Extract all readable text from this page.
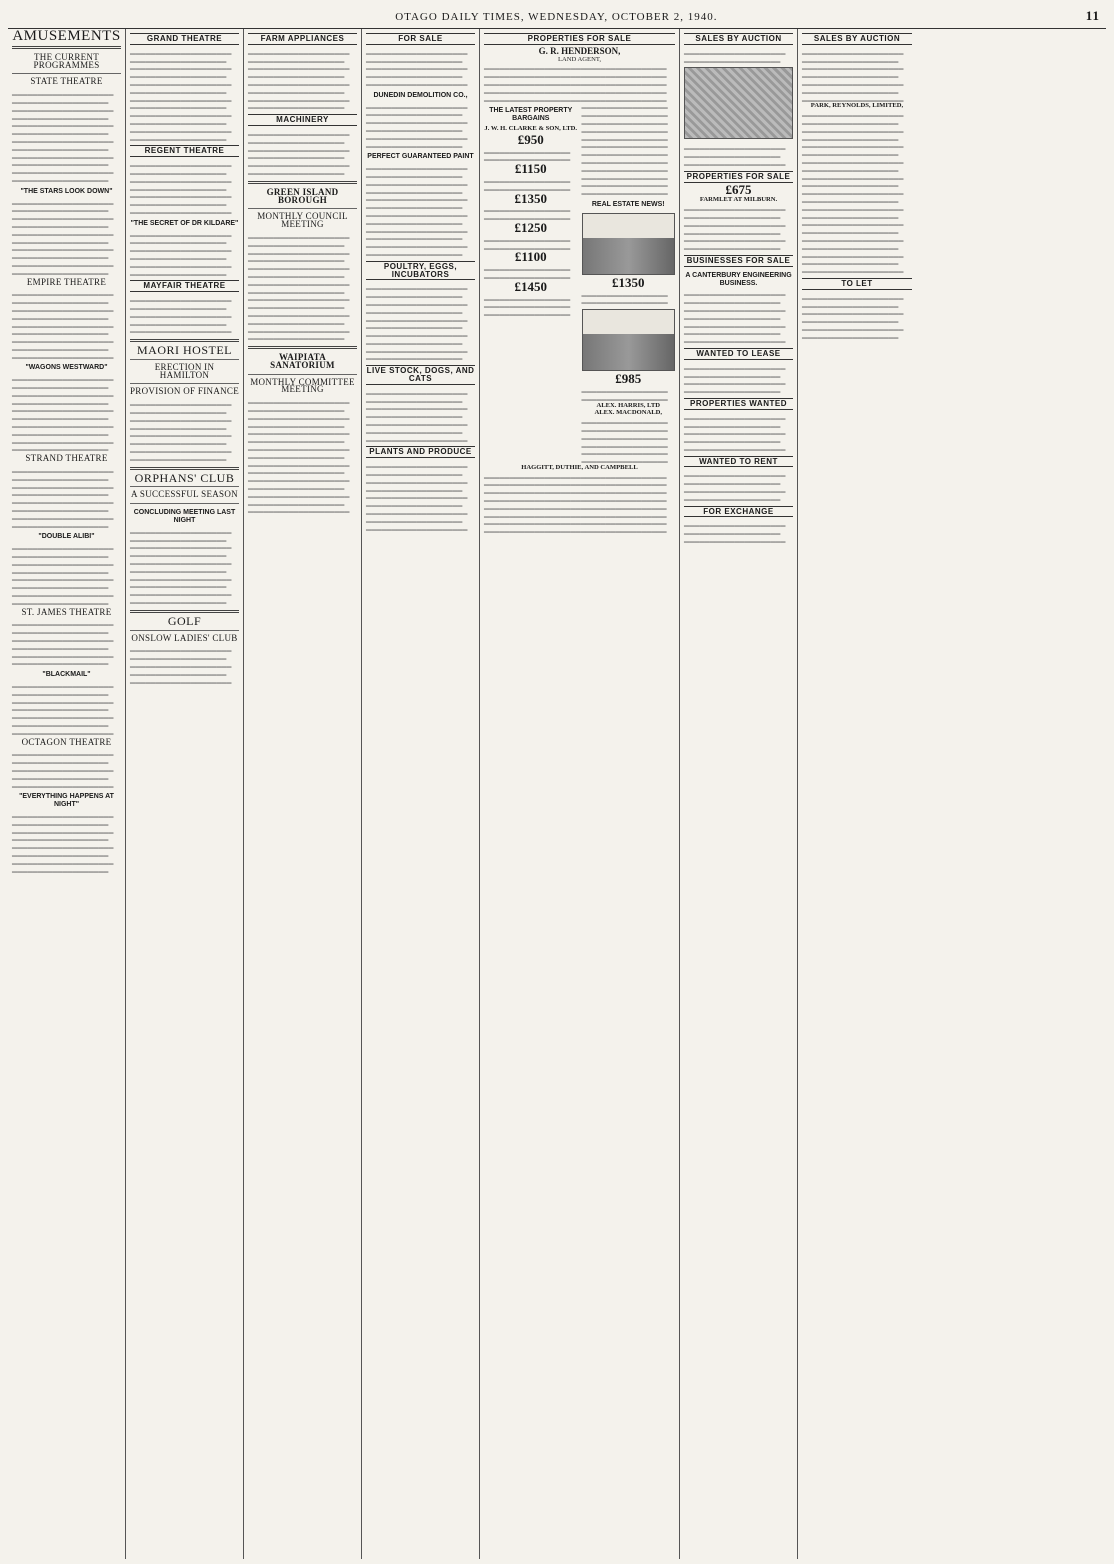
OTAGO DAILY TIMES, WEDNESDAY, OCTOBER 2, 1940.	11
AMUSEMENTS
THE CURRENT PROGRAMMES
STATE THEATRE
▁▁▁▁▁▁▁▁▁▁▁▁▁▁▁▁▁▁▁▁ ▁▁▁▁▁▁▁▁▁▁▁▁▁▁▁▁▁▁▁ ▁▁▁▁▁▁▁▁▁▁▁▁▁▁▁▁▁▁▁▁ ▁▁▁▁▁▁▁▁▁▁▁▁▁▁▁▁▁▁▁ ▁▁▁▁▁▁▁▁▁▁▁▁▁▁▁▁▁▁▁▁ ▁▁▁▁▁▁▁▁▁▁▁▁▁▁▁▁▁▁▁ ▁▁▁▁▁▁▁▁▁▁▁▁▁▁▁▁▁▁▁▁ ▁▁▁▁▁▁▁▁▁▁▁▁▁▁▁▁▁▁▁ ▁▁▁▁▁▁▁▁▁▁▁▁▁▁▁▁▁▁▁▁ ▁▁▁▁▁▁▁▁▁▁▁▁▁▁▁▁▁▁▁ ▁▁▁▁▁▁▁▁▁▁▁▁▁▁▁▁▁▁▁▁ ▁▁▁▁▁▁▁▁▁▁▁▁▁▁▁▁▁▁▁
"THE STARS LOOK DOWN"
▁▁▁▁▁▁▁▁▁▁▁▁▁▁▁▁▁▁▁▁ ▁▁▁▁▁▁▁▁▁▁▁▁▁▁▁▁▁▁▁ ▁▁▁▁▁▁▁▁▁▁▁▁▁▁▁▁▁▁▁▁ ▁▁▁▁▁▁▁▁▁▁▁▁▁▁▁▁▁▁▁ ▁▁▁▁▁▁▁▁▁▁▁▁▁▁▁▁▁▁▁▁ ▁▁▁▁▁▁▁▁▁▁▁▁▁▁▁▁▁▁▁ ▁▁▁▁▁▁▁▁▁▁▁▁▁▁▁▁▁▁▁▁ ▁▁▁▁▁▁▁▁▁▁▁▁▁▁▁▁▁▁▁ ▁▁▁▁▁▁▁▁▁▁▁▁▁▁▁▁▁▁▁▁ ▁▁▁▁▁▁▁▁▁▁▁▁▁▁▁▁▁▁▁
EMPIRE THEATRE
▁▁▁▁▁▁▁▁▁▁▁▁▁▁▁▁▁▁▁▁ ▁▁▁▁▁▁▁▁▁▁▁▁▁▁▁▁▁▁▁ ▁▁▁▁▁▁▁▁▁▁▁▁▁▁▁▁▁▁▁▁ ▁▁▁▁▁▁▁▁▁▁▁▁▁▁▁▁▁▁▁ ▁▁▁▁▁▁▁▁▁▁▁▁▁▁▁▁▁▁▁▁ ▁▁▁▁▁▁▁▁▁▁▁▁▁▁▁▁▁▁▁ ▁▁▁▁▁▁▁▁▁▁▁▁▁▁▁▁▁▁▁▁ ▁▁▁▁▁▁▁▁▁▁▁▁▁▁▁▁▁▁▁ ▁▁▁▁▁▁▁▁▁▁▁▁▁▁▁▁▁▁▁▁
"WAGONS WESTWARD"
▁▁▁▁▁▁▁▁▁▁▁▁▁▁▁▁▁▁▁▁ ▁▁▁▁▁▁▁▁▁▁▁▁▁▁▁▁▁▁▁ ▁▁▁▁▁▁▁▁▁▁▁▁▁▁▁▁▁▁▁▁ ▁▁▁▁▁▁▁▁▁▁▁▁▁▁▁▁▁▁▁ ▁▁▁▁▁▁▁▁▁▁▁▁▁▁▁▁▁▁▁▁ ▁▁▁▁▁▁▁▁▁▁▁▁▁▁▁▁▁▁▁ ▁▁▁▁▁▁▁▁▁▁▁▁▁▁▁▁▁▁▁▁ ▁▁▁▁▁▁▁▁▁▁▁▁▁▁▁▁▁▁▁ ▁▁▁▁▁▁▁▁▁▁▁▁▁▁▁▁▁▁▁▁ ▁▁▁▁▁▁▁▁▁▁▁▁▁▁▁▁▁▁▁
STRAND THEATRE
▁▁▁▁▁▁▁▁▁▁▁▁▁▁▁▁▁▁▁▁ ▁▁▁▁▁▁▁▁▁▁▁▁▁▁▁▁▁▁▁ ▁▁▁▁▁▁▁▁▁▁▁▁▁▁▁▁▁▁▁▁ ▁▁▁▁▁▁▁▁▁▁▁▁▁▁▁▁▁▁▁ ▁▁▁▁▁▁▁▁▁▁▁▁▁▁▁▁▁▁▁▁ ▁▁▁▁▁▁▁▁▁▁▁▁▁▁▁▁▁▁▁ ▁▁▁▁▁▁▁▁▁▁▁▁▁▁▁▁▁▁▁▁ ▁▁▁▁▁▁▁▁▁▁▁▁▁▁▁▁▁▁▁
"DOUBLE ALIBI"
▁▁▁▁▁▁▁▁▁▁▁▁▁▁▁▁▁▁▁▁ ▁▁▁▁▁▁▁▁▁▁▁▁▁▁▁▁▁▁▁ ▁▁▁▁▁▁▁▁▁▁▁▁▁▁▁▁▁▁▁▁ ▁▁▁▁▁▁▁▁▁▁▁▁▁▁▁▁▁▁▁ ▁▁▁▁▁▁▁▁▁▁▁▁▁▁▁▁▁▁▁▁ ▁▁▁▁▁▁▁▁▁▁▁▁▁▁▁▁▁▁▁ ▁▁▁▁▁▁▁▁▁▁▁▁▁▁▁▁▁▁▁▁ ▁▁▁▁▁▁▁▁▁▁▁▁▁▁▁▁▁▁▁
ST. JAMES THEATRE
▁▁▁▁▁▁▁▁▁▁▁▁▁▁▁▁▁▁▁▁ ▁▁▁▁▁▁▁▁▁▁▁▁▁▁▁▁▁▁▁ ▁▁▁▁▁▁▁▁▁▁▁▁▁▁▁▁▁▁▁▁ ▁▁▁▁▁▁▁▁▁▁▁▁▁▁▁▁▁▁▁ ▁▁▁▁▁▁▁▁▁▁▁▁▁▁▁▁▁▁▁▁ ▁▁▁▁▁▁▁▁▁▁▁▁▁▁▁▁▁▁▁
"BLACKMAIL"
▁▁▁▁▁▁▁▁▁▁▁▁▁▁▁▁▁▁▁▁ ▁▁▁▁▁▁▁▁▁▁▁▁▁▁▁▁▁▁▁ ▁▁▁▁▁▁▁▁▁▁▁▁▁▁▁▁▁▁▁▁ ▁▁▁▁▁▁▁▁▁▁▁▁▁▁▁▁▁▁▁ ▁▁▁▁▁▁▁▁▁▁▁▁▁▁▁▁▁▁▁▁ ▁▁▁▁▁▁▁▁▁▁▁▁▁▁▁▁▁▁▁ ▁▁▁▁▁▁▁▁▁▁▁▁▁▁▁▁▁▁▁▁
OCTAGON THEATRE
▁▁▁▁▁▁▁▁▁▁▁▁▁▁▁▁▁▁▁▁ ▁▁▁▁▁▁▁▁▁▁▁▁▁▁▁▁▁▁▁ ▁▁▁▁▁▁▁▁▁▁▁▁▁▁▁▁▁▁▁▁ ▁▁▁▁▁▁▁▁▁▁▁▁▁▁▁▁▁▁▁ ▁▁▁▁▁▁▁▁▁▁▁▁▁▁▁▁▁▁▁▁
"EVERYTHING HAPPENS AT NIGHT"
▁▁▁▁▁▁▁▁▁▁▁▁▁▁▁▁▁▁▁▁ ▁▁▁▁▁▁▁▁▁▁▁▁▁▁▁▁▁▁▁ ▁▁▁▁▁▁▁▁▁▁▁▁▁▁▁▁▁▁▁▁ ▁▁▁▁▁▁▁▁▁▁▁▁▁▁▁▁▁▁▁ ▁▁▁▁▁▁▁▁▁▁▁▁▁▁▁▁▁▁▁▁ ▁▁▁▁▁▁▁▁▁▁▁▁▁▁▁▁▁▁▁ ▁▁▁▁▁▁▁▁▁▁▁▁▁▁▁▁▁▁▁▁ ▁▁▁▁▁▁▁▁▁▁▁▁▁▁▁▁▁▁▁
GRAND THEATRE
▁▁▁▁▁▁▁▁▁▁▁▁▁▁▁▁▁▁▁▁ ▁▁▁▁▁▁▁▁▁▁▁▁▁▁▁▁▁▁▁ ▁▁▁▁▁▁▁▁▁▁▁▁▁▁▁▁▁▁▁▁ ▁▁▁▁▁▁▁▁▁▁▁▁▁▁▁▁▁▁▁ ▁▁▁▁▁▁▁▁▁▁▁▁▁▁▁▁▁▁▁▁ ▁▁▁▁▁▁▁▁▁▁▁▁▁▁▁▁▁▁▁ ▁▁▁▁▁▁▁▁▁▁▁▁▁▁▁▁▁▁▁▁ ▁▁▁▁▁▁▁▁▁▁▁▁▁▁▁▁▁▁▁ ▁▁▁▁▁▁▁▁▁▁▁▁▁▁▁▁▁▁▁▁ ▁▁▁▁▁▁▁▁▁▁▁▁▁▁▁▁▁▁▁ ▁▁▁▁▁▁▁▁▁▁▁▁▁▁▁▁▁▁▁▁ ▁▁▁▁▁▁▁▁▁▁▁▁▁▁▁▁▁▁▁
REGENT THEATRE
▁▁▁▁▁▁▁▁▁▁▁▁▁▁▁▁▁▁▁▁ ▁▁▁▁▁▁▁▁▁▁▁▁▁▁▁▁▁▁▁ ▁▁▁▁▁▁▁▁▁▁▁▁▁▁▁▁▁▁▁▁ ▁▁▁▁▁▁▁▁▁▁▁▁▁▁▁▁▁▁▁ ▁▁▁▁▁▁▁▁▁▁▁▁▁▁▁▁▁▁▁▁ ▁▁▁▁▁▁▁▁▁▁▁▁▁▁▁▁▁▁▁ ▁▁▁▁▁▁▁▁▁▁▁▁▁▁▁▁▁▁▁▁
"THE SECRET OF DR KILDARE"
▁▁▁▁▁▁▁▁▁▁▁▁▁▁▁▁▁▁▁▁ ▁▁▁▁▁▁▁▁▁▁▁▁▁▁▁▁▁▁▁ ▁▁▁▁▁▁▁▁▁▁▁▁▁▁▁▁▁▁▁▁ ▁▁▁▁▁▁▁▁▁▁▁▁▁▁▁▁▁▁▁ ▁▁▁▁▁▁▁▁▁▁▁▁▁▁▁▁▁▁▁▁ ▁▁▁▁▁▁▁▁▁▁▁▁▁▁▁▁▁▁▁
MAYFAIR THEATRE
▁▁▁▁▁▁▁▁▁▁▁▁▁▁▁▁▁▁▁▁ ▁▁▁▁▁▁▁▁▁▁▁▁▁▁▁▁▁▁▁ ▁▁▁▁▁▁▁▁▁▁▁▁▁▁▁▁▁▁▁▁ ▁▁▁▁▁▁▁▁▁▁▁▁▁▁▁▁▁▁▁ ▁▁▁▁▁▁▁▁▁▁▁▁▁▁▁▁▁▁▁▁
MAORI HOSTEL
ERECTION IN HAMILTON
PROVISION OF FINANCE
▁▁▁▁▁▁▁▁▁▁▁▁▁▁▁▁▁▁▁▁ ▁▁▁▁▁▁▁▁▁▁▁▁▁▁▁▁▁▁▁ ▁▁▁▁▁▁▁▁▁▁▁▁▁▁▁▁▁▁▁▁ ▁▁▁▁▁▁▁▁▁▁▁▁▁▁▁▁▁▁▁ ▁▁▁▁▁▁▁▁▁▁▁▁▁▁▁▁▁▁▁▁ ▁▁▁▁▁▁▁▁▁▁▁▁▁▁▁▁▁▁▁ ▁▁▁▁▁▁▁▁▁▁▁▁▁▁▁▁▁▁▁▁ ▁▁▁▁▁▁▁▁▁▁▁▁▁▁▁▁▁▁▁
ORPHANS' CLUB
A SUCCESSFUL SEASON
CONCLUDING MEETING LAST NIGHT
▁▁▁▁▁▁▁▁▁▁▁▁▁▁▁▁▁▁▁▁ ▁▁▁▁▁▁▁▁▁▁▁▁▁▁▁▁▁▁▁ ▁▁▁▁▁▁▁▁▁▁▁▁▁▁▁▁▁▁▁▁ ▁▁▁▁▁▁▁▁▁▁▁▁▁▁▁▁▁▁▁ ▁▁▁▁▁▁▁▁▁▁▁▁▁▁▁▁▁▁▁▁ ▁▁▁▁▁▁▁▁▁▁▁▁▁▁▁▁▁▁▁ ▁▁▁▁▁▁▁▁▁▁▁▁▁▁▁▁▁▁▁▁ ▁▁▁▁▁▁▁▁▁▁▁▁▁▁▁▁▁▁▁ ▁▁▁▁▁▁▁▁▁▁▁▁▁▁▁▁▁▁▁▁ ▁▁▁▁▁▁▁▁▁▁▁▁▁▁▁▁▁▁▁
GOLF
ONSLOW LADIES' CLUB
▁▁▁▁▁▁▁▁▁▁▁▁▁▁▁▁▁▁▁▁ ▁▁▁▁▁▁▁▁▁▁▁▁▁▁▁▁▁▁▁ ▁▁▁▁▁▁▁▁▁▁▁▁▁▁▁▁▁▁▁▁ ▁▁▁▁▁▁▁▁▁▁▁▁▁▁▁▁▁▁▁ ▁▁▁▁▁▁▁▁▁▁▁▁▁▁▁▁▁▁▁▁
FARM APPLIANCES
▁▁▁▁▁▁▁▁▁▁▁▁▁▁▁▁▁▁▁▁ ▁▁▁▁▁▁▁▁▁▁▁▁▁▁▁▁▁▁▁ ▁▁▁▁▁▁▁▁▁▁▁▁▁▁▁▁▁▁▁▁ ▁▁▁▁▁▁▁▁▁▁▁▁▁▁▁▁▁▁▁ ▁▁▁▁▁▁▁▁▁▁▁▁▁▁▁▁▁▁▁▁ ▁▁▁▁▁▁▁▁▁▁▁▁▁▁▁▁▁▁▁ ▁▁▁▁▁▁▁▁▁▁▁▁▁▁▁▁▁▁▁▁ ▁▁▁▁▁▁▁▁▁▁▁▁▁▁▁▁▁▁▁
MACHINERY
▁▁▁▁▁▁▁▁▁▁▁▁▁▁▁▁▁▁▁▁ ▁▁▁▁▁▁▁▁▁▁▁▁▁▁▁▁▁▁▁ ▁▁▁▁▁▁▁▁▁▁▁▁▁▁▁▁▁▁▁▁ ▁▁▁▁▁▁▁▁▁▁▁▁▁▁▁▁▁▁▁ ▁▁▁▁▁▁▁▁▁▁▁▁▁▁▁▁▁▁▁▁ ▁▁▁▁▁▁▁▁▁▁▁▁▁▁▁▁▁▁▁
GREEN ISLAND BOROUGH
MONTHLY COUNCIL MEETING
▁▁▁▁▁▁▁▁▁▁▁▁▁▁▁▁▁▁▁▁ ▁▁▁▁▁▁▁▁▁▁▁▁▁▁▁▁▁▁▁ ▁▁▁▁▁▁▁▁▁▁▁▁▁▁▁▁▁▁▁▁ ▁▁▁▁▁▁▁▁▁▁▁▁▁▁▁▁▁▁▁ ▁▁▁▁▁▁▁▁▁▁▁▁▁▁▁▁▁▁▁▁ ▁▁▁▁▁▁▁▁▁▁▁▁▁▁▁▁▁▁▁ ▁▁▁▁▁▁▁▁▁▁▁▁▁▁▁▁▁▁▁▁ ▁▁▁▁▁▁▁▁▁▁▁▁▁▁▁▁▁▁▁ ▁▁▁▁▁▁▁▁▁▁▁▁▁▁▁▁▁▁▁▁ ▁▁▁▁▁▁▁▁▁▁▁▁▁▁▁▁▁▁▁ ▁▁▁▁▁▁▁▁▁▁▁▁▁▁▁▁▁▁▁▁ ▁▁▁▁▁▁▁▁▁▁▁▁▁▁▁▁▁▁▁ ▁▁▁▁▁▁▁▁▁▁▁▁▁▁▁▁▁▁▁▁ ▁▁▁▁▁▁▁▁▁▁▁▁▁▁▁▁▁▁▁
WAIPIATA SANATORIUM
MONTHLY COMMITTEE MEETING
▁▁▁▁▁▁▁▁▁▁▁▁▁▁▁▁▁▁▁▁ ▁▁▁▁▁▁▁▁▁▁▁▁▁▁▁▁▁▁▁ ▁▁▁▁▁▁▁▁▁▁▁▁▁▁▁▁▁▁▁▁ ▁▁▁▁▁▁▁▁▁▁▁▁▁▁▁▁▁▁▁ ▁▁▁▁▁▁▁▁▁▁▁▁▁▁▁▁▁▁▁▁ ▁▁▁▁▁▁▁▁▁▁▁▁▁▁▁▁▁▁▁ ▁▁▁▁▁▁▁▁▁▁▁▁▁▁▁▁▁▁▁▁ ▁▁▁▁▁▁▁▁▁▁▁▁▁▁▁▁▁▁▁ ▁▁▁▁▁▁▁▁▁▁▁▁▁▁▁▁▁▁▁▁ ▁▁▁▁▁▁▁▁▁▁▁▁▁▁▁▁▁▁▁ ▁▁▁▁▁▁▁▁▁▁▁▁▁▁▁▁▁▁▁▁ ▁▁▁▁▁▁▁▁▁▁▁▁▁▁▁▁▁▁▁ ▁▁▁▁▁▁▁▁▁▁▁▁▁▁▁▁▁▁▁▁ ▁▁▁▁▁▁▁▁▁▁▁▁▁▁▁▁▁▁▁ ▁▁▁▁▁▁▁▁▁▁▁▁▁▁▁▁▁▁▁▁
FOR SALE
▁▁▁▁▁▁▁▁▁▁▁▁▁▁▁▁▁▁▁▁ ▁▁▁▁▁▁▁▁▁▁▁▁▁▁▁▁▁▁▁ ▁▁▁▁▁▁▁▁▁▁▁▁▁▁▁▁▁▁▁▁ ▁▁▁▁▁▁▁▁▁▁▁▁▁▁▁▁▁▁▁ ▁▁▁▁▁▁▁▁▁▁▁▁▁▁▁▁▁▁▁▁
DUNEDIN DEMOLITION CO.,
▁▁▁▁▁▁▁▁▁▁▁▁▁▁▁▁▁▁▁▁ ▁▁▁▁▁▁▁▁▁▁▁▁▁▁▁▁▁▁▁ ▁▁▁▁▁▁▁▁▁▁▁▁▁▁▁▁▁▁▁▁ ▁▁▁▁▁▁▁▁▁▁▁▁▁▁▁▁▁▁▁ ▁▁▁▁▁▁▁▁▁▁▁▁▁▁▁▁▁▁▁▁ ▁▁▁▁▁▁▁▁▁▁▁▁▁▁▁▁▁▁▁
PERFECT GUARANTEED PAINT
▁▁▁▁▁▁▁▁▁▁▁▁▁▁▁▁▁▁▁▁ ▁▁▁▁▁▁▁▁▁▁▁▁▁▁▁▁▁▁▁ ▁▁▁▁▁▁▁▁▁▁▁▁▁▁▁▁▁▁▁▁ ▁▁▁▁▁▁▁▁▁▁▁▁▁▁▁▁▁▁▁ ▁▁▁▁▁▁▁▁▁▁▁▁▁▁▁▁▁▁▁▁ ▁▁▁▁▁▁▁▁▁▁▁▁▁▁▁▁▁▁▁ ▁▁▁▁▁▁▁▁▁▁▁▁▁▁▁▁▁▁▁▁ ▁▁▁▁▁▁▁▁▁▁▁▁▁▁▁▁▁▁▁ ▁▁▁▁▁▁▁▁▁▁▁▁▁▁▁▁▁▁▁▁ ▁▁▁▁▁▁▁▁▁▁▁▁▁▁▁▁▁▁▁ ▁▁▁▁▁▁▁▁▁▁▁▁▁▁▁▁▁▁▁▁ ▁▁▁▁▁▁▁▁▁▁▁▁▁▁▁▁▁▁▁
POULTRY, EGGS, INCUBATORS
▁▁▁▁▁▁▁▁▁▁▁▁▁▁▁▁▁▁▁▁ ▁▁▁▁▁▁▁▁▁▁▁▁▁▁▁▁▁▁▁ ▁▁▁▁▁▁▁▁▁▁▁▁▁▁▁▁▁▁▁▁ ▁▁▁▁▁▁▁▁▁▁▁▁▁▁▁▁▁▁▁ ▁▁▁▁▁▁▁▁▁▁▁▁▁▁▁▁▁▁▁▁ ▁▁▁▁▁▁▁▁▁▁▁▁▁▁▁▁▁▁▁ ▁▁▁▁▁▁▁▁▁▁▁▁▁▁▁▁▁▁▁▁ ▁▁▁▁▁▁▁▁▁▁▁▁▁▁▁▁▁▁▁ ▁▁▁▁▁▁▁▁▁▁▁▁▁▁▁▁▁▁▁▁ ▁▁▁▁▁▁▁▁▁▁▁▁▁▁▁▁▁▁▁
LIVE STOCK, DOGS, AND CATS
▁▁▁▁▁▁▁▁▁▁▁▁▁▁▁▁▁▁▁▁ ▁▁▁▁▁▁▁▁▁▁▁▁▁▁▁▁▁▁▁ ▁▁▁▁▁▁▁▁▁▁▁▁▁▁▁▁▁▁▁▁ ▁▁▁▁▁▁▁▁▁▁▁▁▁▁▁▁▁▁▁ ▁▁▁▁▁▁▁▁▁▁▁▁▁▁▁▁▁▁▁▁ ▁▁▁▁▁▁▁▁▁▁▁▁▁▁▁▁▁▁▁ ▁▁▁▁▁▁▁▁▁▁▁▁▁▁▁▁▁▁▁▁
PLANTS AND PRODUCE
▁▁▁▁▁▁▁▁▁▁▁▁▁▁▁▁▁▁▁▁ ▁▁▁▁▁▁▁▁▁▁▁▁▁▁▁▁▁▁▁ ▁▁▁▁▁▁▁▁▁▁▁▁▁▁▁▁▁▁▁▁ ▁▁▁▁▁▁▁▁▁▁▁▁▁▁▁▁▁▁▁ ▁▁▁▁▁▁▁▁▁▁▁▁▁▁▁▁▁▁▁▁ ▁▁▁▁▁▁▁▁▁▁▁▁▁▁▁▁▁▁▁ ▁▁▁▁▁▁▁▁▁▁▁▁▁▁▁▁▁▁▁▁ ▁▁▁▁▁▁▁▁▁▁▁▁▁▁▁▁▁▁▁ ▁▁▁▁▁▁▁▁▁▁▁▁▁▁▁▁▁▁▁▁
PROPERTIES FOR SALE
G. R. HENDERSON,
LAND AGENT,
▁▁▁▁▁▁▁▁▁▁▁▁▁▁▁▁▁▁▁▁▁▁▁▁▁▁▁▁▁▁▁▁▁▁▁▁ ▁▁▁▁▁▁▁▁▁▁▁▁▁▁▁▁▁▁▁▁▁▁▁▁▁▁▁▁▁▁▁▁▁▁▁▁ ▁▁▁▁▁▁▁▁▁▁▁▁▁▁▁▁▁▁▁▁▁▁▁▁▁▁▁▁▁▁▁▁▁▁▁▁ ▁▁▁▁▁▁▁▁▁▁▁▁▁▁▁▁▁▁▁▁▁▁▁▁▁▁▁▁▁▁▁▁▁▁▁▁ ▁▁▁▁▁▁▁▁▁▁▁▁▁▁▁▁▁▁▁▁▁▁▁▁▁▁▁▁▁▁▁▁▁▁▁▁
THE LATEST PROPERTY BARGAINS
J. W. H. CLARKE & SON, LTD.
£950
▁▁▁▁▁▁▁▁▁▁▁▁▁▁▁▁▁ ▁▁▁▁▁▁▁▁▁▁▁▁▁▁▁▁▁
£1150
▁▁▁▁▁▁▁▁▁▁▁▁▁▁▁▁▁ ▁▁▁▁▁▁▁▁▁▁▁▁▁▁▁▁▁
£1350
▁▁▁▁▁▁▁▁▁▁▁▁▁▁▁▁▁ ▁▁▁▁▁▁▁▁▁▁▁▁▁▁▁▁▁
£1250
▁▁▁▁▁▁▁▁▁▁▁▁▁▁▁▁▁ ▁▁▁▁▁▁▁▁▁▁▁▁▁▁▁▁▁
£1100
▁▁▁▁▁▁▁▁▁▁▁▁▁▁▁▁▁ ▁▁▁▁▁▁▁▁▁▁▁▁▁▁▁▁▁
£1450
▁▁▁▁▁▁▁▁▁▁▁▁▁▁▁▁▁ ▁▁▁▁▁▁▁▁▁▁▁▁▁▁▁▁▁ ▁▁▁▁▁▁▁▁▁▁▁▁▁▁▁▁▁
▁▁▁▁▁▁▁▁▁▁▁▁▁▁▁▁▁ ▁▁▁▁▁▁▁▁▁▁▁▁▁▁▁▁▁ ▁▁▁▁▁▁▁▁▁▁▁▁▁▁▁▁▁ ▁▁▁▁▁▁▁▁▁▁▁▁▁▁▁▁▁ ▁▁▁▁▁▁▁▁▁▁▁▁▁▁▁▁▁ ▁▁▁▁▁▁▁▁▁▁▁▁▁▁▁▁▁ ▁▁▁▁▁▁▁▁▁▁▁▁▁▁▁▁▁ ▁▁▁▁▁▁▁▁▁▁▁▁▁▁▁▁▁ ▁▁▁▁▁▁▁▁▁▁▁▁▁▁▁▁▁ ▁▁▁▁▁▁▁▁▁▁▁▁▁▁▁▁▁ ▁▁▁▁▁▁▁▁▁▁▁▁▁▁▁▁▁ ▁▁▁▁▁▁▁▁▁▁▁▁▁▁▁▁▁
REAL ESTATE NEWS!
£1350
▁▁▁▁▁▁▁▁▁▁▁▁▁▁▁▁▁ ▁▁▁▁▁▁▁▁▁▁▁▁▁▁▁▁▁
£985
▁▁▁▁▁▁▁▁▁▁▁▁▁▁▁▁▁ ▁▁▁▁▁▁▁▁▁▁▁▁▁▁▁▁▁
ALEX. HARRIS, LTD
ALEX. MACDONALD,
▁▁▁▁▁▁▁▁▁▁▁▁▁▁▁▁▁ ▁▁▁▁▁▁▁▁▁▁▁▁▁▁▁▁▁ ▁▁▁▁▁▁▁▁▁▁▁▁▁▁▁▁▁ ▁▁▁▁▁▁▁▁▁▁▁▁▁▁▁▁▁ ▁▁▁▁▁▁▁▁▁▁▁▁▁▁▁▁▁ ▁▁▁▁▁▁▁▁▁▁▁▁▁▁▁▁▁
HAGGITT, DUTHIE, AND CAMPBELL
▁▁▁▁▁▁▁▁▁▁▁▁▁▁▁▁▁▁▁▁▁▁▁▁▁▁▁▁▁▁▁▁▁▁▁▁ ▁▁▁▁▁▁▁▁▁▁▁▁▁▁▁▁▁▁▁▁▁▁▁▁▁▁▁▁▁▁▁▁▁▁▁▁ ▁▁▁▁▁▁▁▁▁▁▁▁▁▁▁▁▁▁▁▁▁▁▁▁▁▁▁▁▁▁▁▁▁▁▁▁ ▁▁▁▁▁▁▁▁▁▁▁▁▁▁▁▁▁▁▁▁▁▁▁▁▁▁▁▁▁▁▁▁▁▁▁▁ ▁▁▁▁▁▁▁▁▁▁▁▁▁▁▁▁▁▁▁▁▁▁▁▁▁▁▁▁▁▁▁▁▁▁▁▁ ▁▁▁▁▁▁▁▁▁▁▁▁▁▁▁▁▁▁▁▁▁▁▁▁▁▁▁▁▁▁▁▁▁▁▁▁ ▁▁▁▁▁▁▁▁▁▁▁▁▁▁▁▁▁▁▁▁▁▁▁▁▁▁▁▁▁▁▁▁▁▁▁▁ ▁▁▁▁▁▁▁▁▁▁▁▁▁▁▁▁▁▁▁▁▁▁▁▁▁▁▁▁▁▁▁▁▁▁▁▁
SALES BY AUCTION
▁▁▁▁▁▁▁▁▁▁▁▁▁▁▁▁▁▁▁▁ ▁▁▁▁▁▁▁▁▁▁▁▁▁▁▁▁▁▁▁
▁▁▁▁▁▁▁▁▁▁▁▁▁▁▁▁▁▁▁▁ ▁▁▁▁▁▁▁▁▁▁▁▁▁▁▁▁▁▁▁ ▁▁▁▁▁▁▁▁▁▁▁▁▁▁▁▁▁▁▁▁
PROPERTIES FOR SALE
£675
FARMLET AT MILBURN.
▁▁▁▁▁▁▁▁▁▁▁▁▁▁▁▁▁▁▁▁ ▁▁▁▁▁▁▁▁▁▁▁▁▁▁▁▁▁▁▁ ▁▁▁▁▁▁▁▁▁▁▁▁▁▁▁▁▁▁▁▁ ▁▁▁▁▁▁▁▁▁▁▁▁▁▁▁▁▁▁▁ ▁▁▁▁▁▁▁▁▁▁▁▁▁▁▁▁▁▁▁▁ ▁▁▁▁▁▁▁▁▁▁▁▁▁▁▁▁▁▁▁
BUSINESSES FOR SALE
A CANTERBURY ENGINEERING BUSINESS.
▁▁▁▁▁▁▁▁▁▁▁▁▁▁▁▁▁▁▁▁ ▁▁▁▁▁▁▁▁▁▁▁▁▁▁▁▁▁▁▁ ▁▁▁▁▁▁▁▁▁▁▁▁▁▁▁▁▁▁▁▁ ▁▁▁▁▁▁▁▁▁▁▁▁▁▁▁▁▁▁▁ ▁▁▁▁▁▁▁▁▁▁▁▁▁▁▁▁▁▁▁▁ ▁▁▁▁▁▁▁▁▁▁▁▁▁▁▁▁▁▁▁ ▁▁▁▁▁▁▁▁▁▁▁▁▁▁▁▁▁▁▁▁
WANTED TO LEASE
▁▁▁▁▁▁▁▁▁▁▁▁▁▁▁▁▁▁▁▁ ▁▁▁▁▁▁▁▁▁▁▁▁▁▁▁▁▁▁▁ ▁▁▁▁▁▁▁▁▁▁▁▁▁▁▁▁▁▁▁▁ ▁▁▁▁▁▁▁▁▁▁▁▁▁▁▁▁▁▁▁
PROPERTIES WANTED
▁▁▁▁▁▁▁▁▁▁▁▁▁▁▁▁▁▁▁▁ ▁▁▁▁▁▁▁▁▁▁▁▁▁▁▁▁▁▁▁ ▁▁▁▁▁▁▁▁▁▁▁▁▁▁▁▁▁▁▁▁ ▁▁▁▁▁▁▁▁▁▁▁▁▁▁▁▁▁▁▁ ▁▁▁▁▁▁▁▁▁▁▁▁▁▁▁▁▁▁▁▁
WANTED TO RENT
▁▁▁▁▁▁▁▁▁▁▁▁▁▁▁▁▁▁▁▁ ▁▁▁▁▁▁▁▁▁▁▁▁▁▁▁▁▁▁▁ ▁▁▁▁▁▁▁▁▁▁▁▁▁▁▁▁▁▁▁▁ ▁▁▁▁▁▁▁▁▁▁▁▁▁▁▁▁▁▁▁
FOR EXCHANGE
▁▁▁▁▁▁▁▁▁▁▁▁▁▁▁▁▁▁▁▁ ▁▁▁▁▁▁▁▁▁▁▁▁▁▁▁▁▁▁▁ ▁▁▁▁▁▁▁▁▁▁▁▁▁▁▁▁▁▁▁▁
SALES BY AUCTION
▁▁▁▁▁▁▁▁▁▁▁▁▁▁▁▁▁▁▁▁ ▁▁▁▁▁▁▁▁▁▁▁▁▁▁▁▁▁▁▁ ▁▁▁▁▁▁▁▁▁▁▁▁▁▁▁▁▁▁▁▁ ▁▁▁▁▁▁▁▁▁▁▁▁▁▁▁▁▁▁▁ ▁▁▁▁▁▁▁▁▁▁▁▁▁▁▁▁▁▁▁▁ ▁▁▁▁▁▁▁▁▁▁▁▁▁▁▁▁▁▁▁ ▁▁▁▁▁▁▁▁▁▁▁▁▁▁▁▁▁▁▁▁
PARK, REYNOLDS, LIMITED,
▁▁▁▁▁▁▁▁▁▁▁▁▁▁▁▁▁▁▁▁ ▁▁▁▁▁▁▁▁▁▁▁▁▁▁▁▁▁▁▁ ▁▁▁▁▁▁▁▁▁▁▁▁▁▁▁▁▁▁▁▁ ▁▁▁▁▁▁▁▁▁▁▁▁▁▁▁▁▁▁▁ ▁▁▁▁▁▁▁▁▁▁▁▁▁▁▁▁▁▁▁▁ ▁▁▁▁▁▁▁▁▁▁▁▁▁▁▁▁▁▁▁ ▁▁▁▁▁▁▁▁▁▁▁▁▁▁▁▁▁▁▁▁ ▁▁▁▁▁▁▁▁▁▁▁▁▁▁▁▁▁▁▁ ▁▁▁▁▁▁▁▁▁▁▁▁▁▁▁▁▁▁▁▁ ▁▁▁▁▁▁▁▁▁▁▁▁▁▁▁▁▁▁▁ ▁▁▁▁▁▁▁▁▁▁▁▁▁▁▁▁▁▁▁▁ ▁▁▁▁▁▁▁▁▁▁▁▁▁▁▁▁▁▁▁ ▁▁▁▁▁▁▁▁▁▁▁▁▁▁▁▁▁▁▁▁ ▁▁▁▁▁▁▁▁▁▁▁▁▁▁▁▁▁▁▁ ▁▁▁▁▁▁▁▁▁▁▁▁▁▁▁▁▁▁▁▁ ▁▁▁▁▁▁▁▁▁▁▁▁▁▁▁▁▁▁▁ ▁▁▁▁▁▁▁▁▁▁▁▁▁▁▁▁▁▁▁▁ ▁▁▁▁▁▁▁▁▁▁▁▁▁▁▁▁▁▁▁ ▁▁▁▁▁▁▁▁▁▁▁▁▁▁▁▁▁▁▁▁ ▁▁▁▁▁▁▁▁▁▁▁▁▁▁▁▁▁▁▁ ▁▁▁▁▁▁▁▁▁▁▁▁▁▁▁▁▁▁▁▁
TO LET
▁▁▁▁▁▁▁▁▁▁▁▁▁▁▁▁▁▁▁▁ ▁▁▁▁▁▁▁▁▁▁▁▁▁▁▁▁▁▁▁ ▁▁▁▁▁▁▁▁▁▁▁▁▁▁▁▁▁▁▁▁ ▁▁▁▁▁▁▁▁▁▁▁▁▁▁▁▁▁▁▁ ▁▁▁▁▁▁▁▁▁▁▁▁▁▁▁▁▁▁▁▁ ▁▁▁▁▁▁▁▁▁▁▁▁▁▁▁▁▁▁▁
